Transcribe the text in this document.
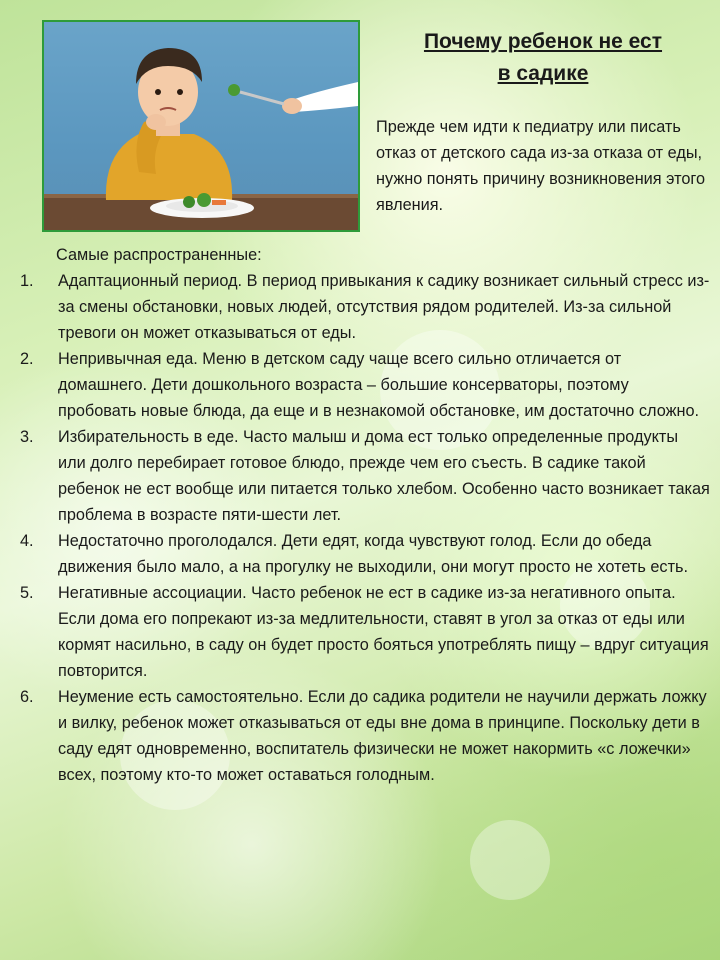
Почему ребенок не ест
в садике
Прежде чем идти к педиатру или писать отказ от детского сада из-за отказа от еды, нужно понять причину возникновения этого явления.
Самые распространенные:
1. Адаптационный период. В период привыкания к садику возникает сильный стресс из-за смены обстановки, новых людей, отсутствия рядом родителей. Из-за сильной тревоги он может отказываться от еды.
2. Непривычная еда. Меню в детском саду чаще всего сильно отличается от домашнего. Дети дошкольного возраста – большие консерваторы, поэтому пробовать новые блюда, да еще и в незнакомой обстановке, им достаточно сложно.
3. Избирательность в еде. Часто малыш и дома ест только определенные продукты или долго перебирает готовое блюдо, прежде чем его съесть. В садике такой ребенок не ест вообще или питается только хлебом. Особенно часто возникает такая проблема в возрасте пяти-шести лет.
4. Недостаточно проголодался. Дети едят, когда чувствуют голод. Если до обеда движения было мало, а на прогулку не выходили, они могут просто не хотеть есть.
5. Негативные ассоциации. Часто ребенок не ест в садике из-за негативного опыта. Если дома его попрекают из-за медлительности, ставят в угол за отказ от еды или кормят насильно, в саду он будет просто бояться употреблять пищу – вдруг ситуация повторится.
6. Неумение есть самостоятельно. Если до садика родители не научили держать ложку и вилку, ребенок может отказываться от еды вне дома в принципе. Поскольку дети в саду едят одновременно, воспитатель физически не может накормить «с ложечки» всех, поэтому кто-то может оставаться голодным.
